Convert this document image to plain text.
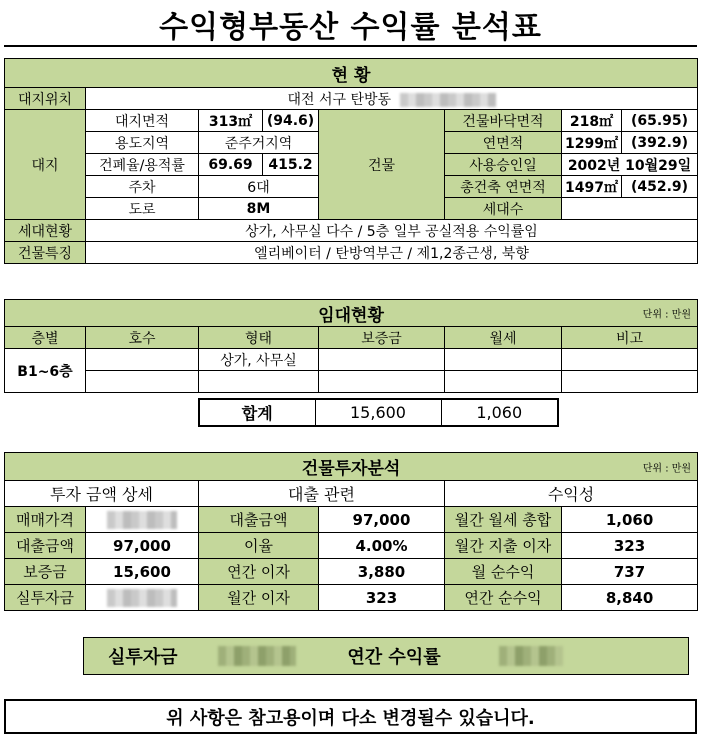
수익형부동산 수익률 분석표
현 황							
대지위치	대전 서구 탄방동						
대지	대지면적	313㎡	(94.6)	건물	건물바닥면적	218㎡	(65.95)
	용도지역	준주거지역			연면적	1299㎡	(392.9)
	건폐율/용적률	69.69	415.2		사용승인일	2002년 10월29일	
	주차	6대			총건축 연면적	1497㎡	(452.9)
	도로	8M			세대수		
세대현황	상가, 사무실 다수 / 5층 일부 공실적용 수익률임						
건물특징	엘리베이터 / 탄방역부근 / 제1,2종근생, 북향						
임대현황 단위 : 만원					

층별	호수	형태	보증금	월세	비고
B1~6층		상가, 사무실			

합계	15,600	1,060
건물투자분석 단위 : 만원					

투자 금액 상세		대출 관련		수익성	
매매가격		대출금액	97,000	월간 월세 총합	1,060
대출금액	97,000	이율	4.00%	월간 지출 이자	323
보증금	15,600	연간 이자	3,880	월 순수익	737
실투자금		월간 이자	323	연간 순수익	8,840
실투자금		연간 수익률	
위 사항은 참고용이며 다소 변경될수 있습니다.
